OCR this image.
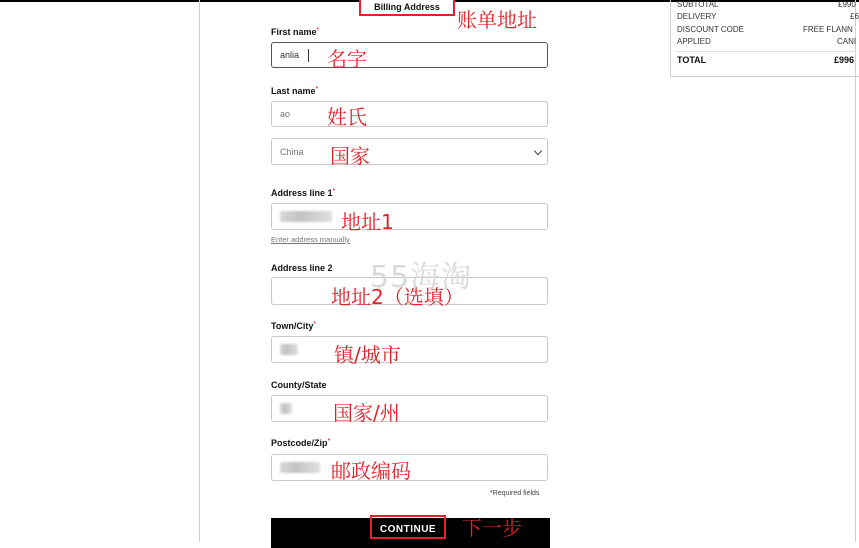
Billing Address
账单地址
First name*
anlia 名字
Last name*
ao 姓氏
China 国家
Address line 1*
地址1
Enter address manually
Address line 2
地址2（选填）
Town/City*
镇/城市
County/State
国家/州
Postcode/Zip*
邮政编码
*Required fields
CONTINUE	下一步
55海淘
SUBTOTAL	£990
DELIVERY	£6
DISCOUNT CODE	FREE FLANN
APPLIED	CANI
TOTAL	£996
